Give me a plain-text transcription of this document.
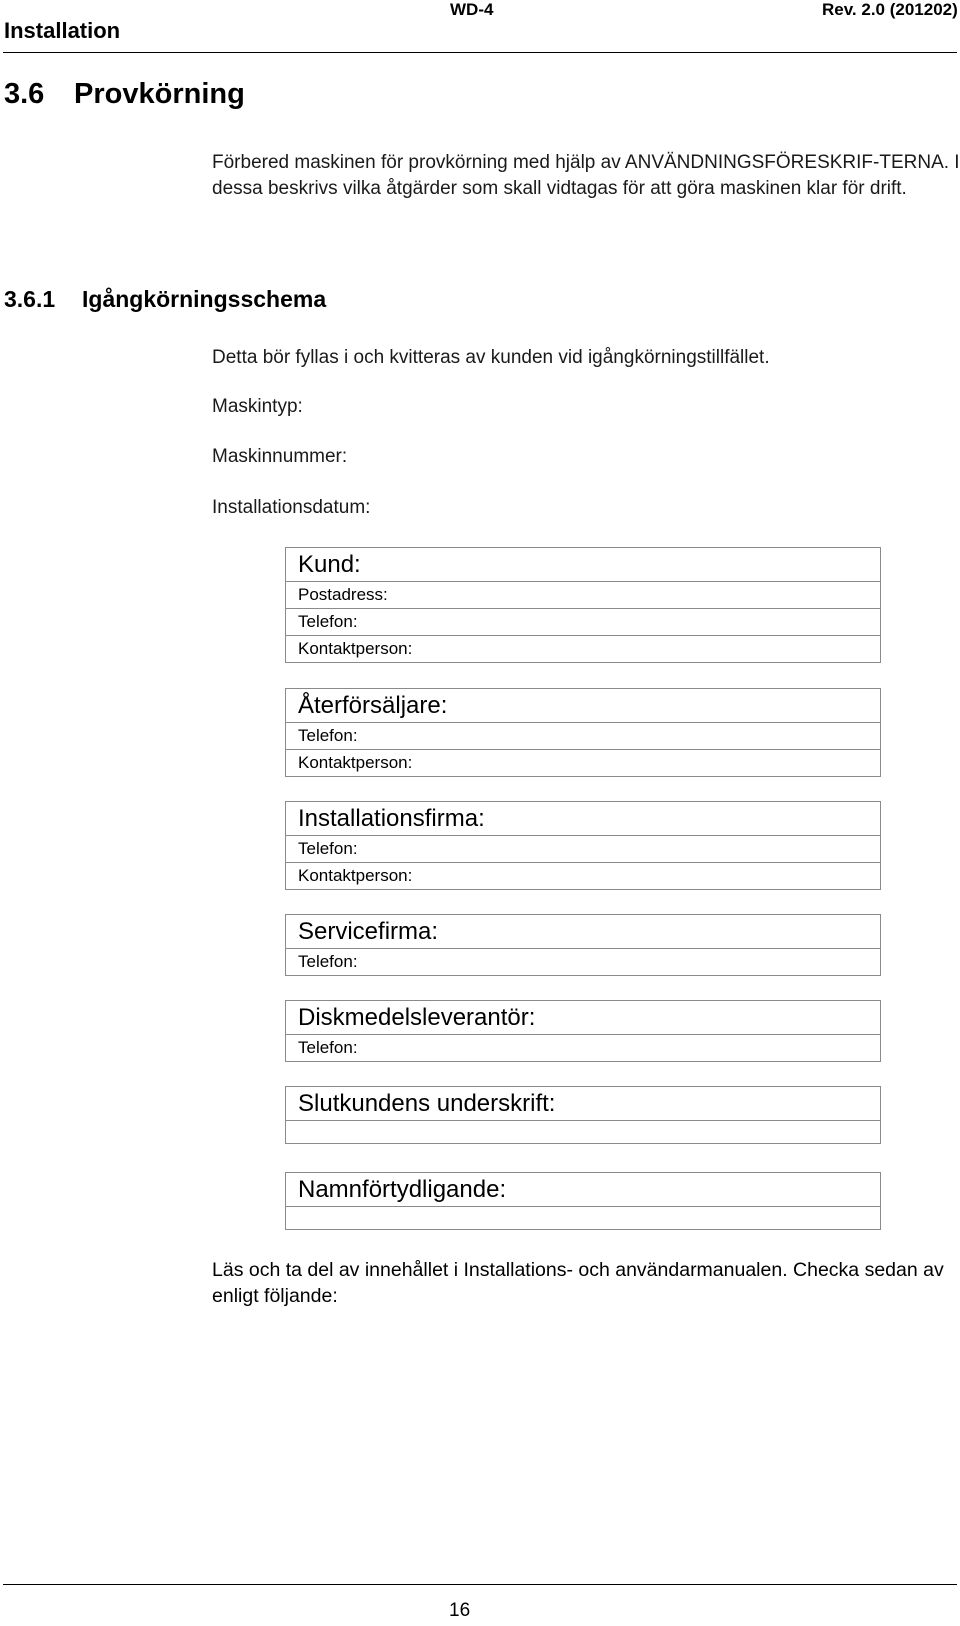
Installation
WD-4	Rev. 2.0 (201202)
3.6 Provkörning
Förbered maskinen för provkörning med hjälp av ANVÄNDNINGSFÖRESKRIF-TERNA. I dessa beskrivs vilka åtgärder som skall vidtagas för att göra maskinen klar för drift.
3.6.1 Igångkörningsschema
Detta bör fyllas i och kvitteras av kunden vid igångkörningstillfället.
Maskintyp:
Maskinnummer:
Installationsdatum:
Kund:
Postadress:
Telefon:
Kontaktperson:
Återförsäljare:
Telefon:
Kontaktperson:
Installationsfirma:
Telefon:
Kontaktperson:
Servicefirma:
Telefon:
Diskmedelsleverantör:
Telefon:
Slutkundens underskrift:
Namnförtydligande:
Läs och ta del av innehållet i Installations- och användarmanualen. Checka sedan av enligt följande:
16
